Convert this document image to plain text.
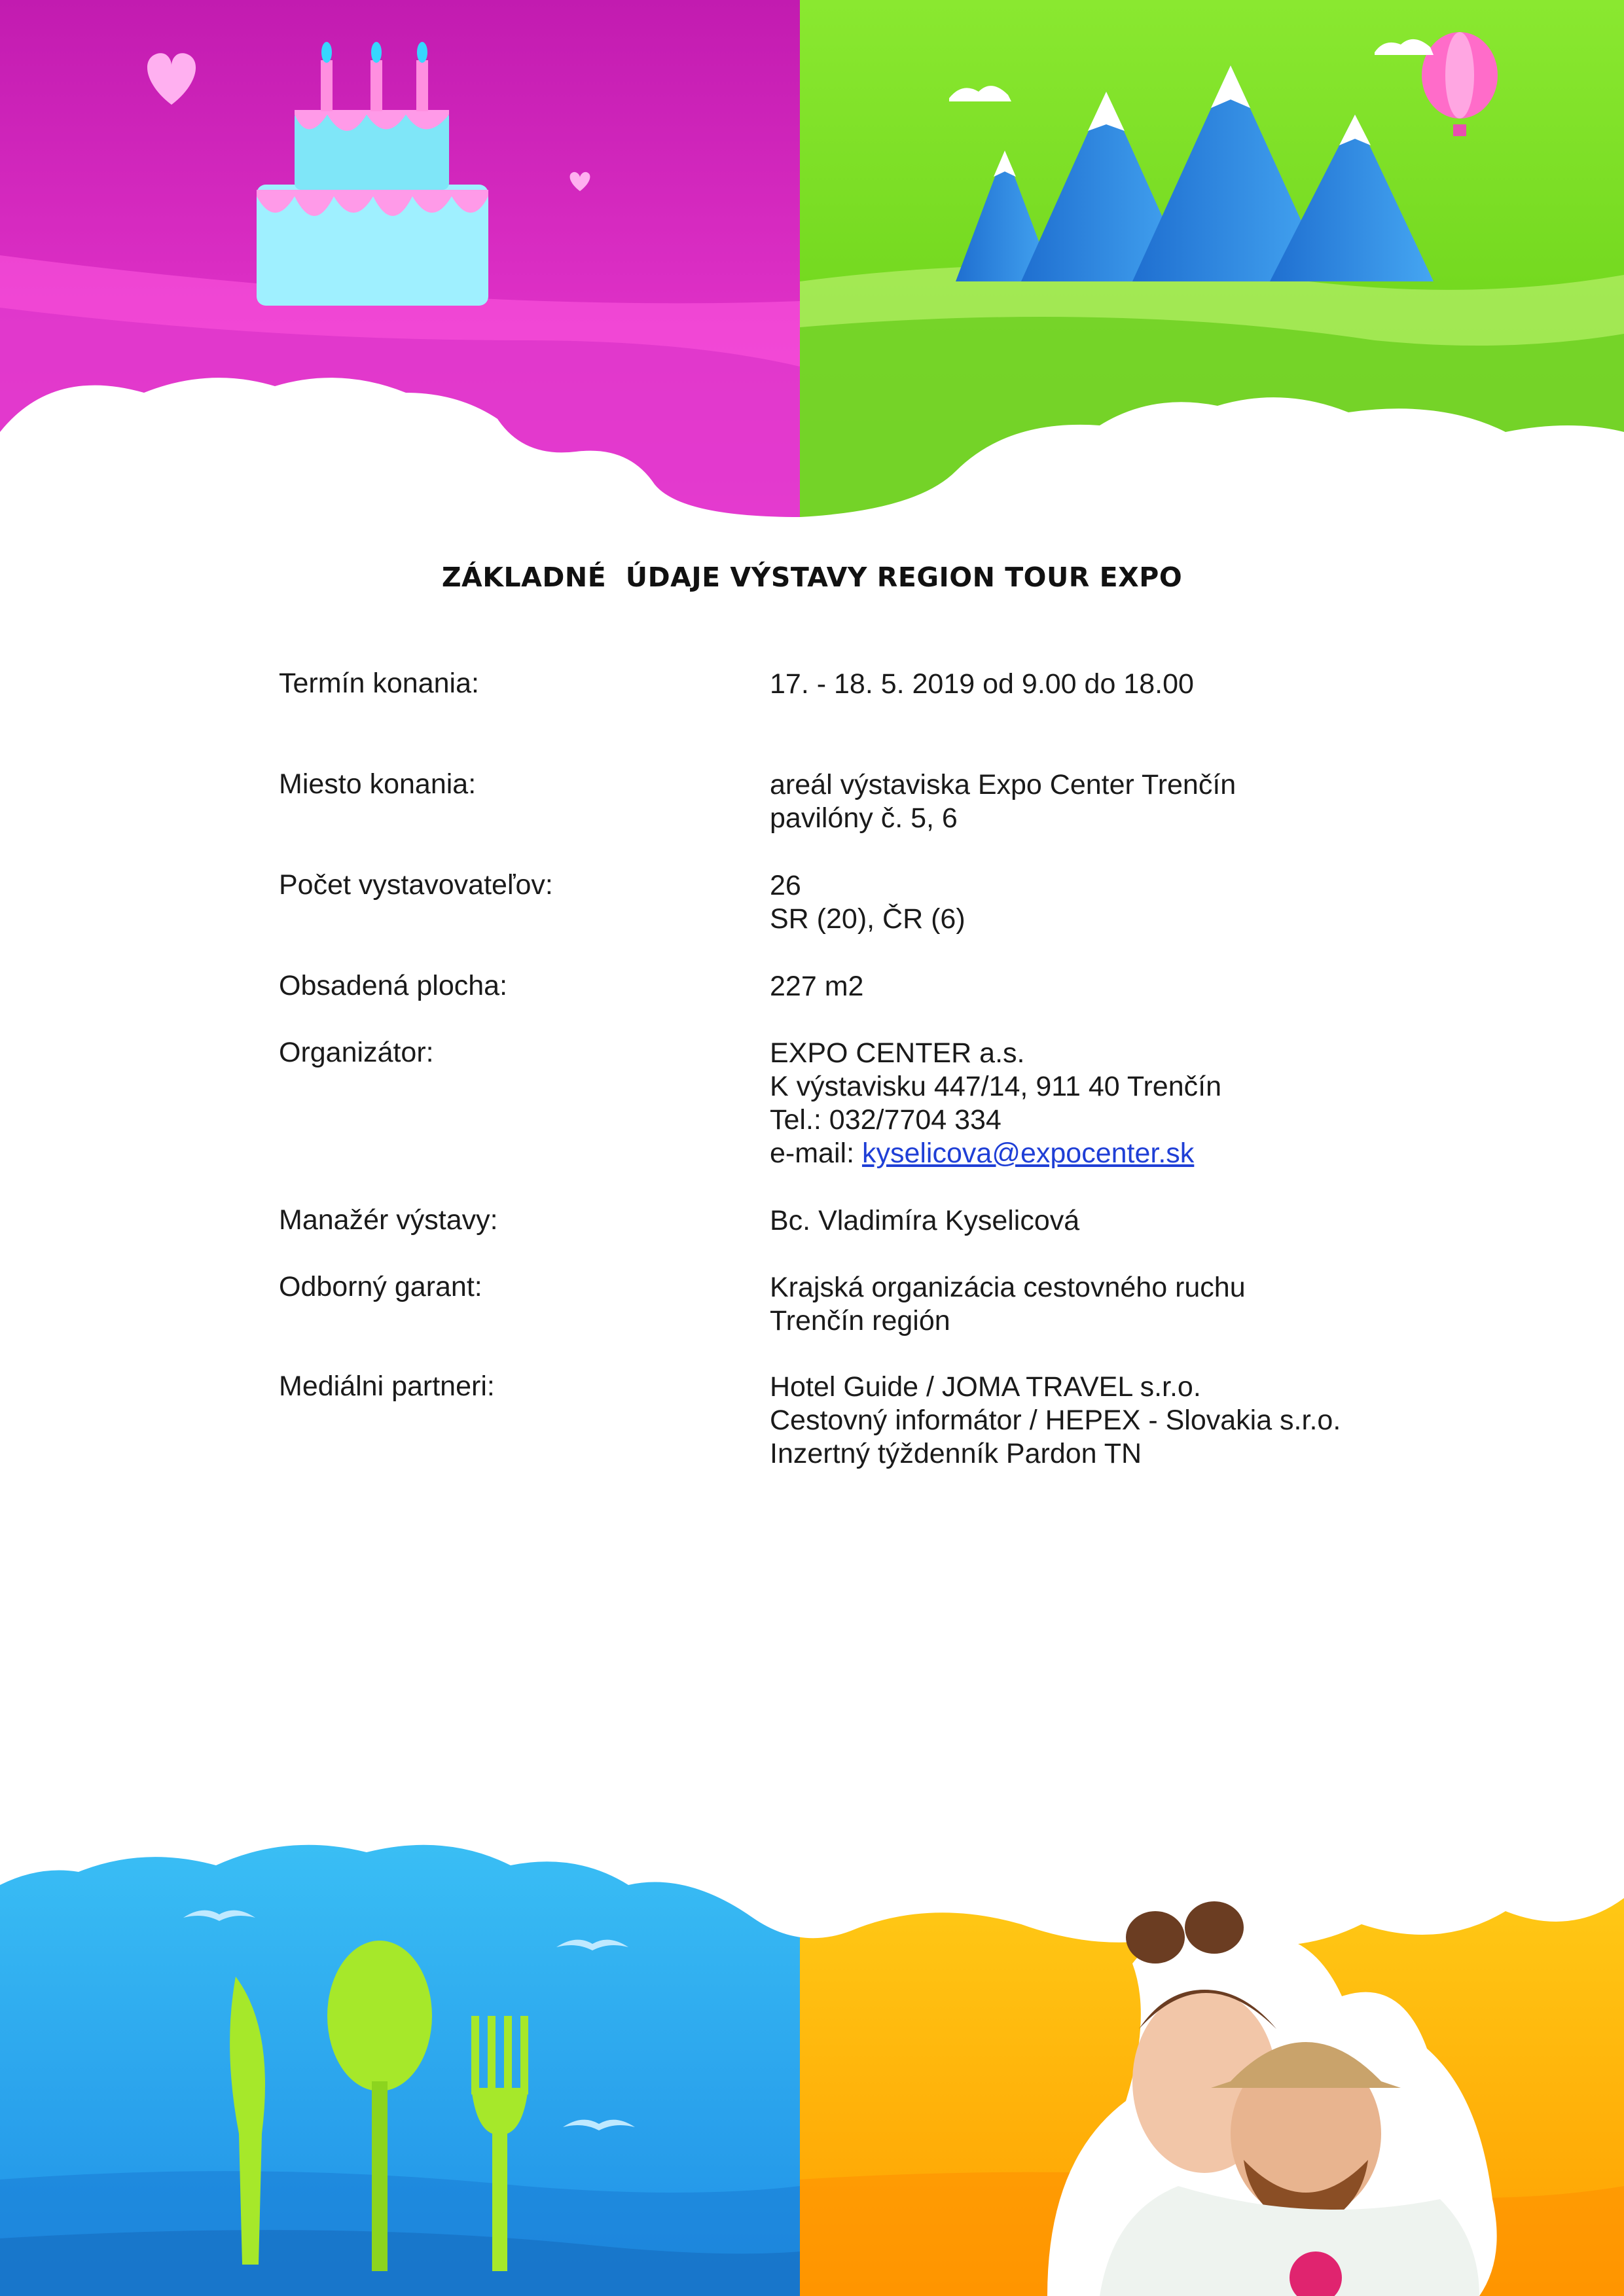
ZÁKLADNÉ  ÚDAJE VÝSTAVY REGION TOUR EXPO
Termín konania:	17. - 18. 5. 2019 od 9.00 do 18.00
Miesto konania:	areál výstaviska Expo Center Trenčín
pavilóny č. 5, 6
Počet vystavovateľov:	26
SR (20), ČR (6)
Obsadená plocha:	227 m2
Organizátor:	EXPO CENTER a.s.
K výstavisku 447/14, 911 40 Trenčín
Tel.: 032/7704 334
e-mail: kyselicova@expocenter.sk
Manažér výstavy:	Bc. Vladimíra Kyselicová
Odborný garant:	Krajská organizácia cestovného ruchu
Trenčín región
Mediálni partneri:	Hotel Guide / JOMA TRAVEL s.r.o.
Cestovný informátor / HEPEX - Slovakia s.r.o.
Inzertný týždenník Pardon TN
